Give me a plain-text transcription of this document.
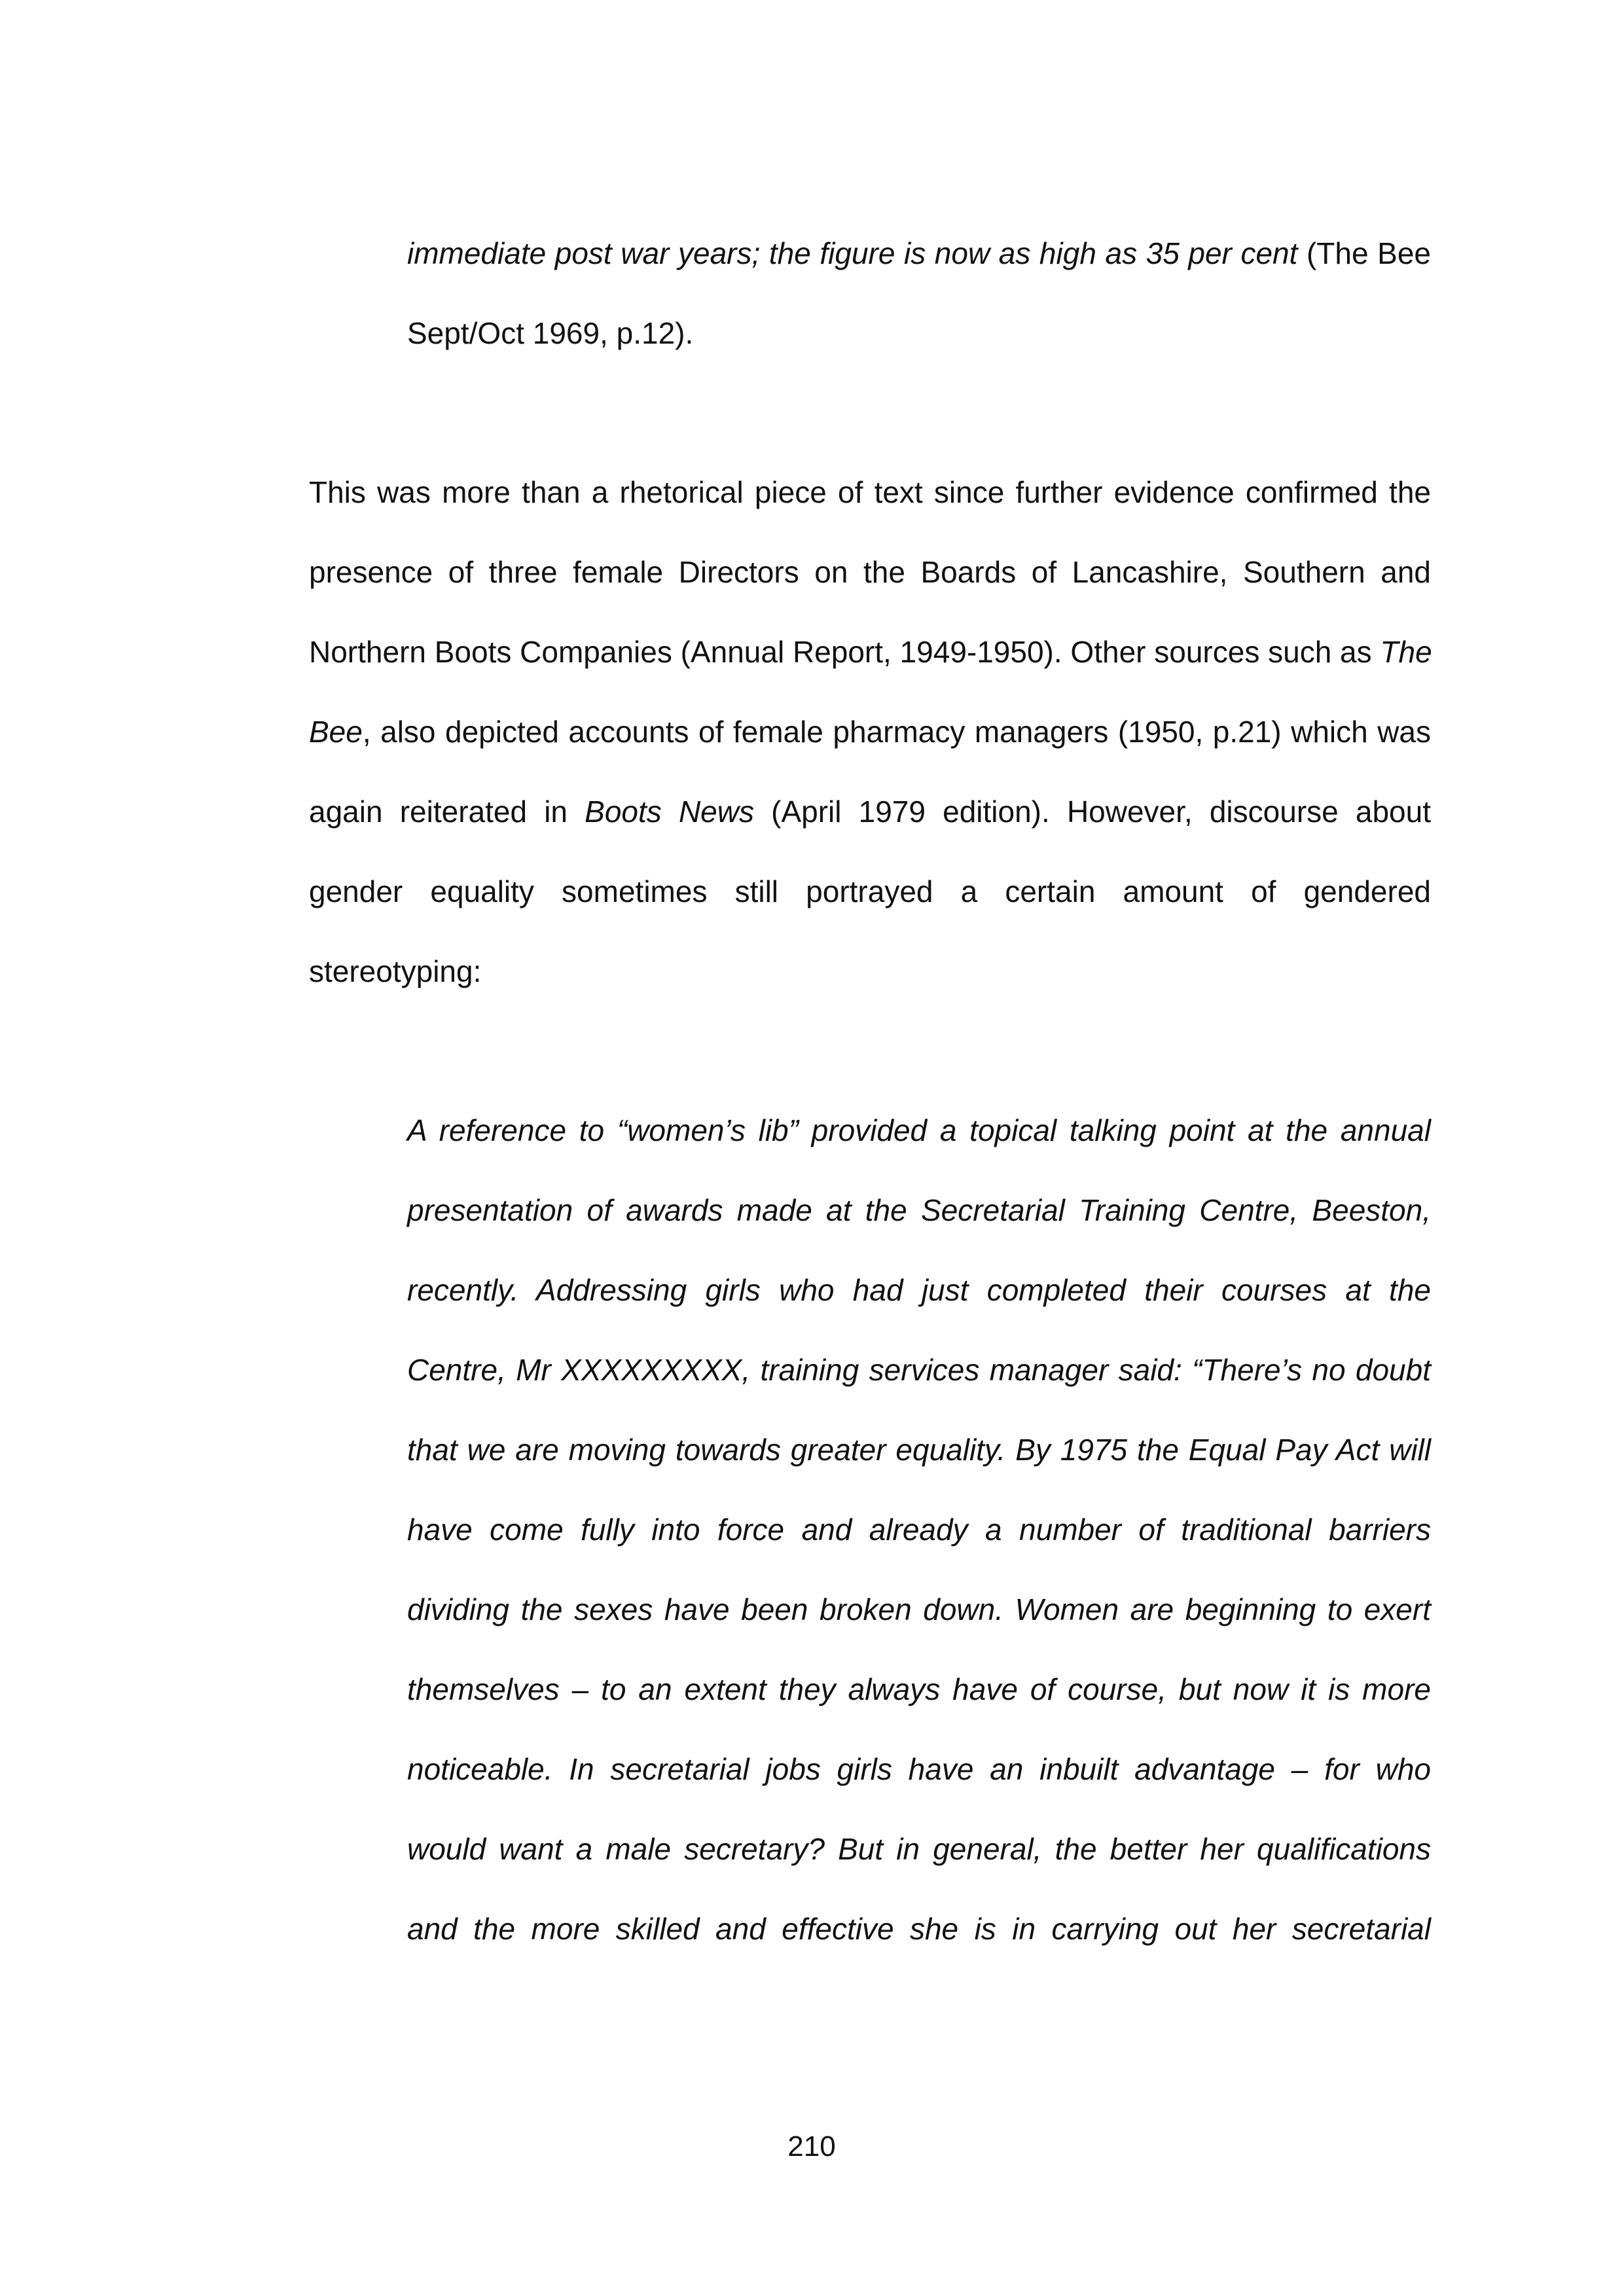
immediate post war years; the figure is now as high as 35 per cent (The Bee
Sept/Oct 1969, p.12).
This was more than a rhetorical piece of text since further evidence confirmed the
presence of three female Directors on the Boards of Lancashire, Southern and
Northern Boots Companies (Annual Report, 1949-1950). Other sources such as The
Bee, also depicted accounts of female pharmacy managers (1950, p.21) which was
again reiterated in Boots News (April 1979 edition). However, discourse about
gender equality sometimes still portrayed a certain amount of gendered
stereotyping:
A reference to “women’s lib” provided a topical talking point at the annual
presentation of awards made at the Secretarial Training Centre, Beeston,
recently. Addressing girls who had just completed their courses at the
Centre, Mr XXXXXXXXX, training services manager said: “There’s no doubt
that we are moving towards greater equality. By 1975 the Equal Pay Act will
have come fully into force and already a number of traditional barriers
dividing the sexes have been broken down. Women are beginning to exert
themselves – to an extent they always have of course, but now it is more
noticeable. In secretarial jobs girls have an inbuilt advantage – for who
would want a male secretary? But in general, the better her qualifications
and the more skilled and effective she is in carrying out her secretarial
210
